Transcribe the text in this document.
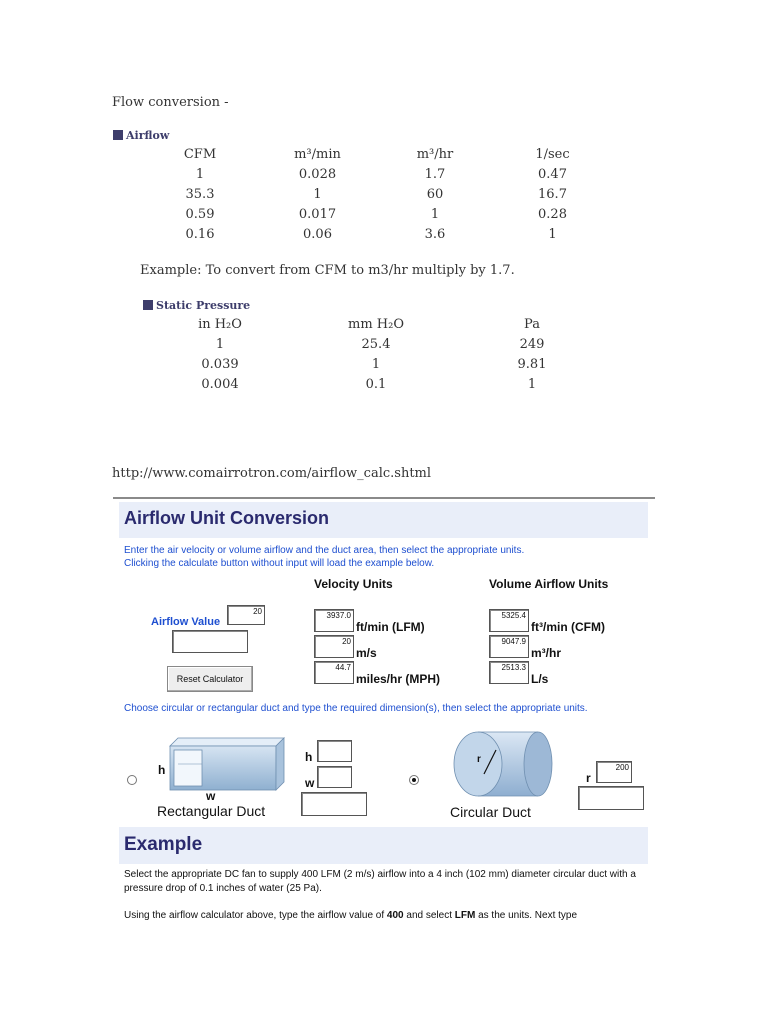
Flow conversion -
Airflow
CFM	m³/min	m³/hr	1/sec
1	0.028	1.7	0.47
35.3	1	60	16.7
0.59	0.017	1	0.28
0.16	0.06	3.6	1
Example: To convert from CFM to m3/hr multiply by 1.7.
Static Pressure
in H₂O	mm H₂O	Pa
1	25.4	249
0.039	1	9.81
0.004	0.1	1
http://www.comairrotron.com/airflow_calc.shtml
Airflow Unit Conversion
Enter the air velocity or volume airflow and the duct area, then select the appropriate units.
Clicking the calculate button without input will load the example below.
Velocity Units	Volume Airflow Units
Airflow Value
20
Reset Calculator
3937.0
ft/min (LFM)
20
m/s
44.7
miles/hr (MPH)
5325.4
ft³/min (CFM)
9047.9
m³/hr
2513.3
L/s
Choose circular or rectangular duct and type the required dimension(s), then select the appropriate units.
h
w
Rectangular Duct
h
w
r
Circular Duct
r
200
Example
Select the appropriate DC fan to supply 400 LFM (2 m/s) airflow into a 4 inch (102 mm) diameter circular duct with a pressure drop of 0.1 inches of water (25 Pa).
Using the airflow calculator above, type the airflow value of 400 and select LFM as the units. Next type
